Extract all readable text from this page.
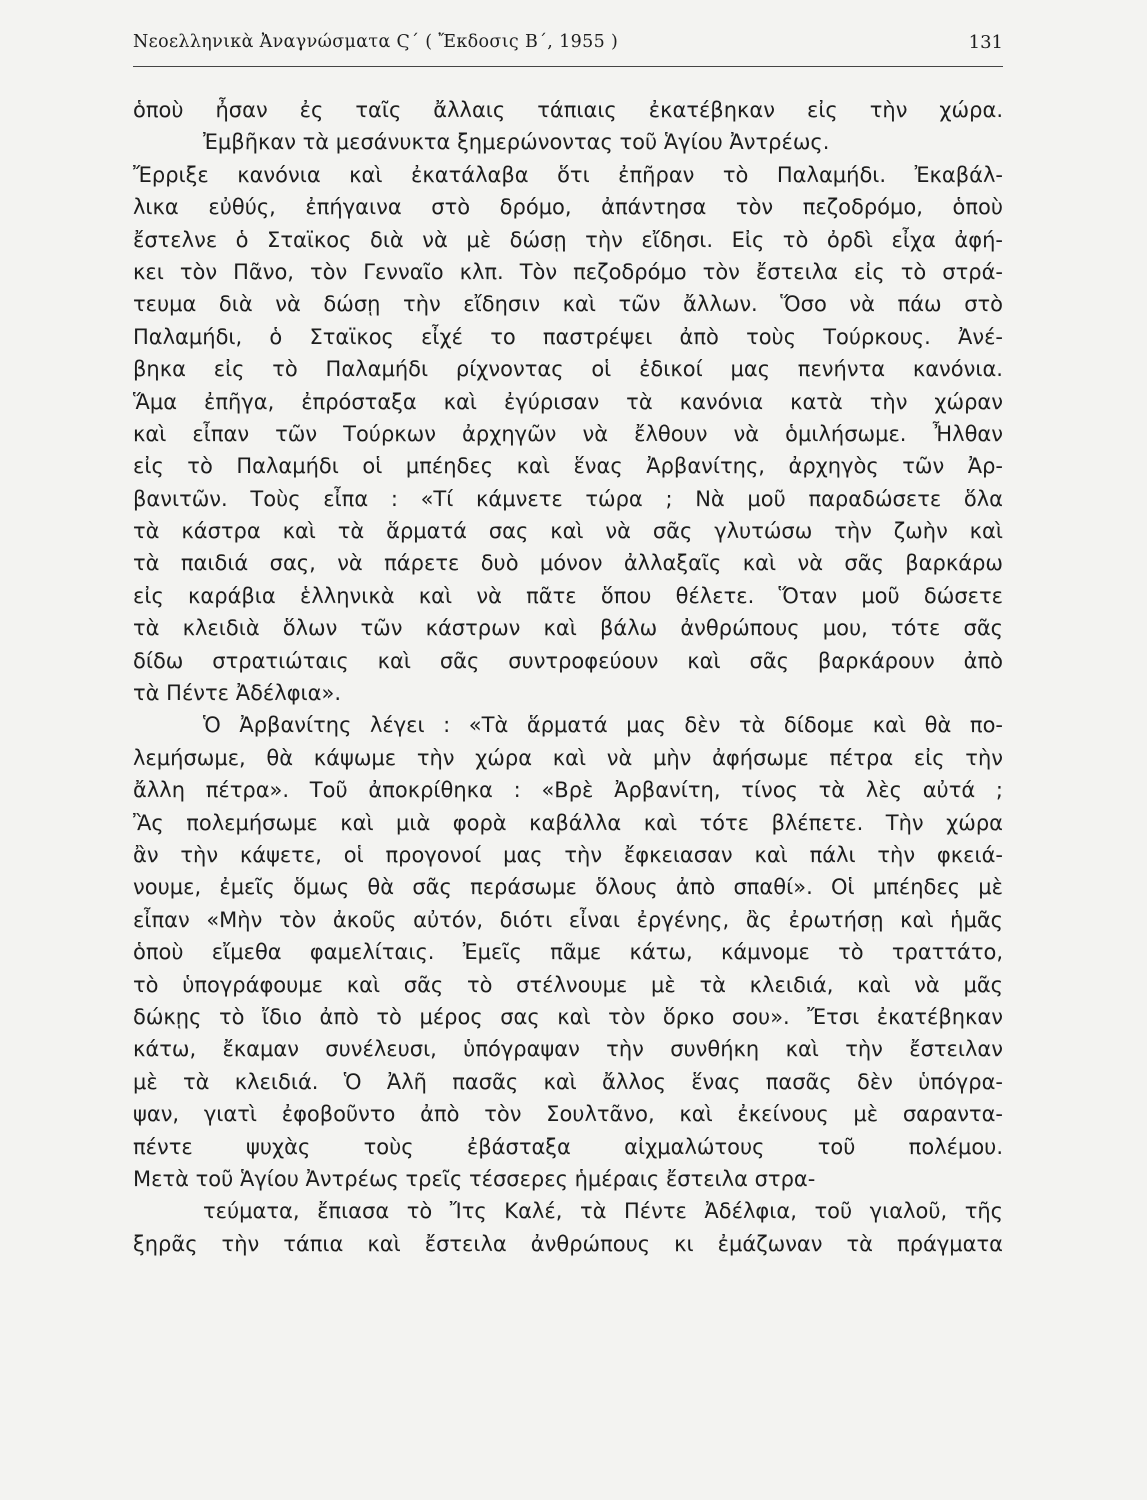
Νεοελληνικὰ Ἀναγνώσματα Ϛ΄ ( Ἔκδοσις Β΄, 1955 )	131
ὁποὺ ἦσαν ἐς ταῖς ἄλλαις τάπιαις ἐκατέβηκαν εἰς τὴν χώρα.
Ἐμβῆκαν τὰ μεσάνυκτα ξημερώνοντας τοῦ Ἁγίου Ἀντρέως.
Ἔρριξε κανόνια καὶ ἐκατάλαβα ὅτι ἐπῆραν τὸ Παλαμήδι. Ἐκαβάλ-
λικα εὐθύς, ἐπήγαινα στὸ δρόμο, ἀπάντησα τὸν πεζοδρόμο, ὁποὺ
ἔστελνε ὁ Σταϊκος διὰ νὰ μὲ δώσῃ τὴν εἴδησι. Εἰς τὸ ὀρδὶ εἶχα ἀφή-
κει τὸν Πᾶνο, τὸν Γενναῖο κλπ. Τὸν πεζοδρόμο τὸν ἔστειλα εἰς τὸ στρά-
τευμα διὰ νὰ δώσῃ τὴν εἴδησιν καὶ τῶν ἄλλων. Ὅσο νὰ πάω στὸ
Παλαμήδι, ὁ Σταϊκος εἶχέ το παστρέψει ἀπὸ τοὺς Τούρκους. Ἀνέ-
βηκα εἰς τὸ Παλαμήδι ρίχνοντας οἱ ἐδικοί μας πενήντα κανόνια.
Ἅμα ἐπῆγα, ἐπρόσταξα καὶ ἐγύρισαν τὰ κανόνια κατὰ τὴν χώραν
καὶ εἶπαν τῶν Τούρκων ἀρχηγῶν νὰ ἔλθουν νὰ ὁμιλήσωμε. Ἦλθαν
εἰς τὸ Παλαμήδι οἱ μπέηδες καὶ ἕνας Ἀρβανίτης, ἀρχηγὸς τῶν Ἀρ-
βανιτῶν. Τοὺς εἶπα : «Τί κάμνετε τώρα ; Νὰ μοῦ παραδώσετε ὅλα
τὰ κάστρα καὶ τὰ ἅρματά σας καὶ νὰ σᾶς γλυτώσω τὴν ζωὴν καὶ
τὰ παιδιά σας, νὰ πάρετε δυὸ μόνον ἀλλαξαῖς καὶ νὰ σᾶς βαρκάρω
εἰς καράβια ἑλληνικὰ καὶ νὰ πᾶτε ὅπου θέλετε. Ὅταν μοῦ δώσετε
τὰ κλειδιὰ ὅλων τῶν κάστρων καὶ βάλω ἀνθρώπους μου, τότε σᾶς
δίδω στρατιώταις καὶ σᾶς συντροφεύουν καὶ σᾶς βαρκάρουν ἀπὸ
τὰ Πέντε Ἀδέλφια».
Ὁ Ἀρβανίτης λέγει : «Τὰ ἅρματά μας δὲν τὰ δίδομε καὶ θὰ πο-
λεμήσωμε, θὰ κάψωμε τὴν χώρα καὶ νὰ μὴν ἀφήσωμε πέτρα εἰς τὴν
ἄλλη πέτρα». Τοῦ ἀποκρίθηκα : «Βρὲ Ἀρβανίτη, τίνος τὰ λὲς αὐτά ;
Ἂς πολεμήσωμε καὶ μιὰ φορὰ καβάλλα καὶ τότε βλέπετε. Τὴν χώρα
ἂν τὴν κάψετε, οἱ προγονοί μας τὴν ἔφκειασαν καὶ πάλι τὴν φκειά-
νουμε, ἐμεῖς ὅμως θὰ σᾶς περάσωμε ὅλους ἀπὸ σπαθί». Οἱ μπέηδες μὲ
εἶπαν «Μὴν τὸν ἀκοῦς αὐτόν, διότι εἶναι ἐργένης, ἂς ἐρωτήσῃ καὶ ἡμᾶς
ὁποὺ εἴμεθα φαμελίταις. Ἐμεῖς πᾶμε κάτω, κάμνομε τὸ τραττάτο,
τὸ ὑπογράφουμε καὶ σᾶς τὸ στέλνουμε μὲ τὰ κλειδιά, καὶ νὰ μᾶς
δώκῃς τὸ ἴδιο ἀπὸ τὸ μέρος σας καὶ τὸν ὅρκο σου». Ἔτσι ἐκατέβηκαν
κάτω, ἔκαμαν συνέλευσι, ὑπόγραψαν τὴν συνθήκη καὶ τὴν ἔστειλαν
μὲ τὰ κλειδιά. Ὁ Ἀλῆ πασᾶς καὶ ἄλλος ἕνας πασᾶς δὲν ὑπόγρα-
ψαν, γιατὶ ἐφοβοῦντο ἀπὸ τὸν Σουλτᾶνο, καὶ ἐκείνους μὲ σαραντα-
πέντε ψυχὰς τοὺς ἐβάσταξα αἰχμαλώτους τοῦ πολέμου.
Μετὰ τοῦ Ἁγίου Ἀντρέως τρεῖς τέσσερες ἡμέραις ἔστειλα στρα-
τεύματα, ἔπιασα τὸ Ἴτς Καλέ, τὰ Πέντε Ἀδέλφια, τοῦ γιαλοῦ, τῆς
ξηρᾶς τὴν τάπια καὶ ἔστειλα ἀνθρώπους κι ἐμάζωναν τὰ πράγματα
